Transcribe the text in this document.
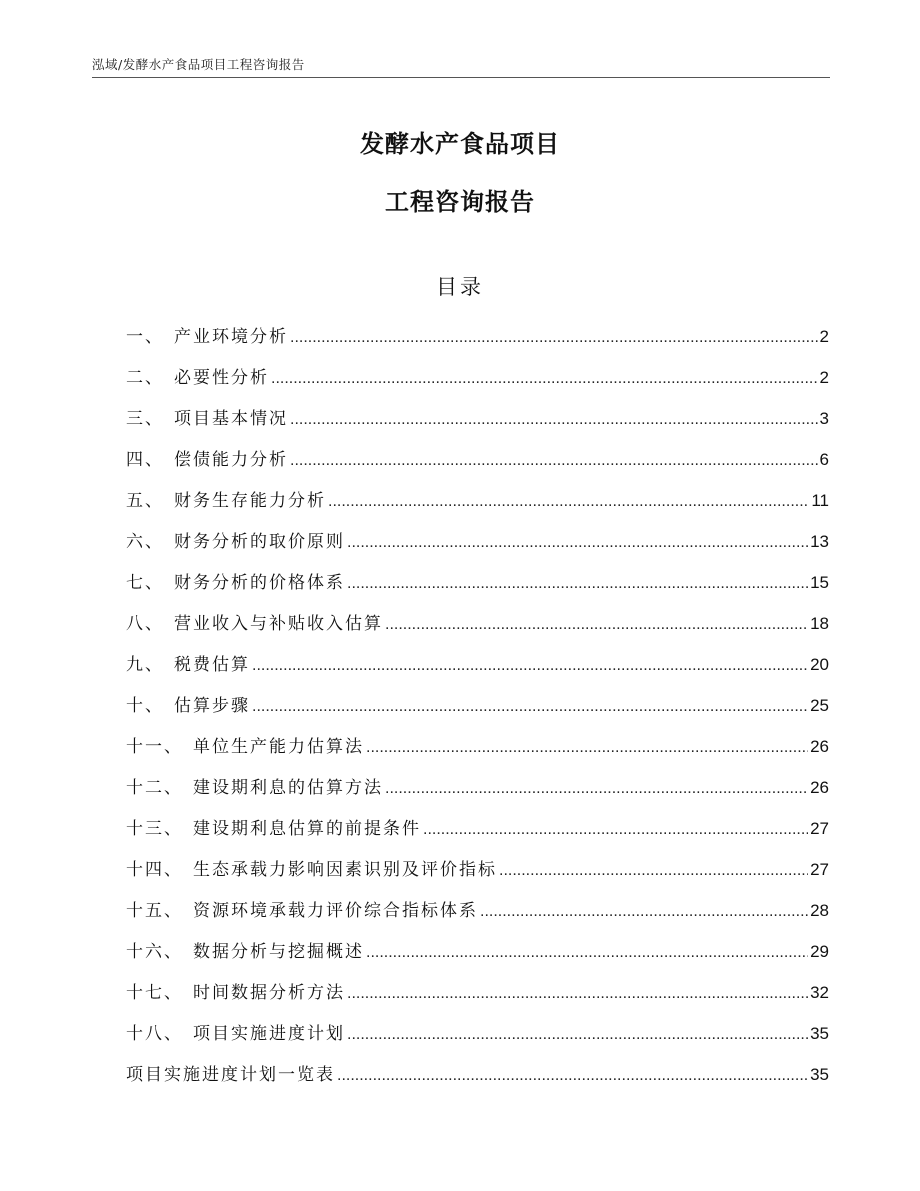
泓域/发酵水产食品项目工程咨询报告
发酵水产食品项目
工程咨询报告
目录
一、 产业环境分析 .....	2
二、 必要性分析 .....	2
三、 项目基本情况 .....	3
四、 偿债能力分析 .....	6
五、 财务生存能力分析 .....	11
六、 财务分析的取价原则 .....	13
七、 财务分析的价格体系 .....	15
八、 营业收入与补贴收入估算 .....	18
九、 税费估算 .....	20
十、 估算步骤 .....	25
十一、 单位生产能力估算法 .....	26
十二、 建设期利息的估算方法 .....	26
十三、 建设期利息估算的前提条件 .....	27
十四、 生态承载力影响因素识别及评价指标 .....	27
十五、 资源环境承载力评价综合指标体系 .....	28
十六、 数据分析与挖掘概述 .....	29
十七、 时间数据分析方法 .....	32
十八、 项目实施进度计划 .....	35
项目实施进度计划一览表 .....	35
